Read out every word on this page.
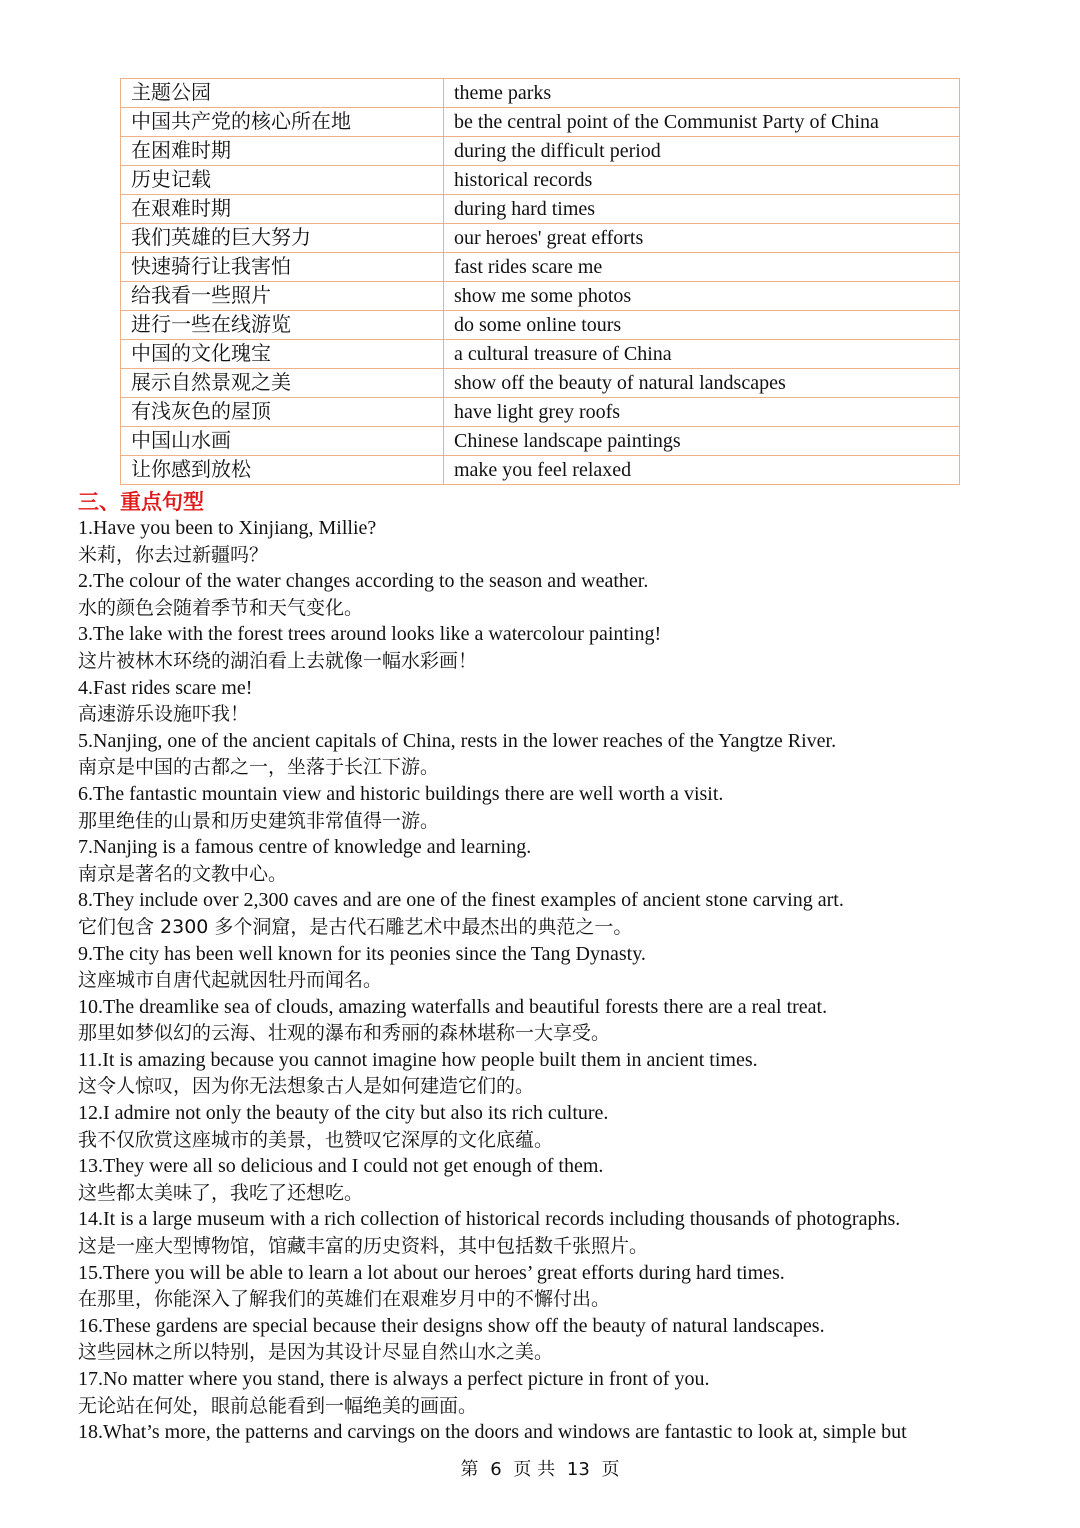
主题公园	theme parks
中国共产党的核心所在地	be the central point of the Communist Party of China
在困难时期	during the difficult period
历史记载	historical records
在艰难时期	during hard times
我们英雄的巨大努力	our heroes' great efforts
快速骑行让我害怕	fast rides scare me
给我看一些照片	show me some photos
进行一些在线游览	do some online tours
中国的文化瑰宝	a cultural treasure of China
展示自然景观之美	show off the beauty of natural landscapes
有浅灰色的屋顶	have light grey roofs
中国山水画	Chinese landscape paintings
让你感到放松	make you feel relaxed
三、重点句型
1.Have you been to Xinjiang, Millie?
米莉，你去过新疆吗？
2.The colour of the water changes according to the season and weather.
水的颜色会随着季节和天气变化。
3.The lake with the forest trees around looks like a watercolour painting!
这片被林木环绕的湖泊看上去就像一幅水彩画！
4.Fast rides scare me!
高速游乐设施吓我！
5.Nanjing, one of the ancient capitals of China, rests in the lower reaches of the Yangtze River.
南京是中国的古都之一，坐落于长江下游。
6.The fantastic mountain view and historic buildings there are well worth a visit.
那里绝佳的山景和历史建筑非常值得一游。
7.Nanjing is a famous centre of knowledge and learning.
南京是著名的文教中心。
8.They include over 2,300 caves and are one of the finest examples of ancient stone carving art.
它们包含 2300 多个洞窟，是古代石雕艺术中最杰出的典范之一。
9.The city has been well known for its peonies since the Tang Dynasty.
这座城市自唐代起就因牡丹而闻名。
10.The dreamlike sea of clouds, amazing waterfalls and beautiful forests there are a real treat.
那里如梦似幻的云海、壮观的瀑布和秀丽的森林堪称一大享受。
11.It is amazing because you cannot imagine how people built them in ancient times.
这令人惊叹，因为你无法想象古人是如何建造它们的。
12.I admire not only the beauty of the city but also its rich culture.
我不仅欣赏这座城市的美景，也赞叹它深厚的文化底蕴。
13.They were all so delicious and I could not get enough of them.
这些都太美味了，我吃了还想吃。
14.It is a large museum with a rich collection of historical records including thousands of photographs.
这是一座大型博物馆，馆藏丰富的历史资料，其中包括数千张照片。
15.There you will be able to learn a lot about our heroes’ great efforts during hard times.
在那里，你能深入了解我们的英雄们在艰难岁月中的不懈付出。
16.These gardens are special because their designs show off the beauty of natural landscapes.
这些园林之所以特别，是因为其设计尽显自然山水之美。
17.No matter where you stand, there is always a perfect picture in front of you.
无论站在何处，眼前总能看到一幅绝美的画面。
18.What’s more, the patterns and carvings on the doors and windows are fantastic to look at, simple but
第 6 页 共 13 页
